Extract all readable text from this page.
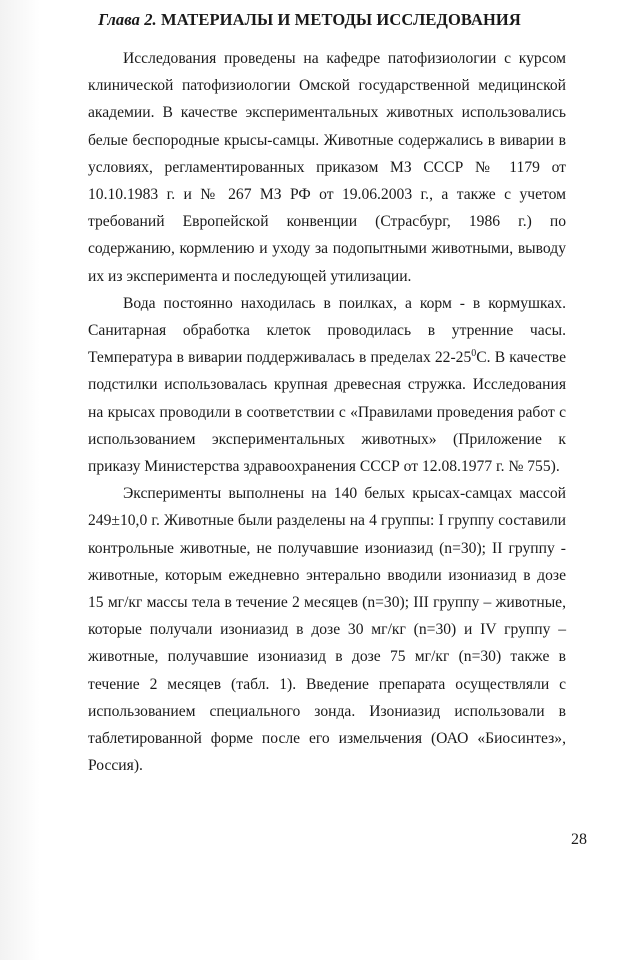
Глава 2. МАТЕРИАЛЫ И МЕТОДЫ ИССЛЕДОВАНИЯ

Исследования проведены на кафедре патофизиологии с курсом клинической патофизиологии Омской государственной медицинской академии. В качестве экспериментальных животных использовались белые беспородные крысы-самцы. Животные содержались в виварии в условиях, регламентированных приказом МЗ СССР № 1179 от 10.10.1983 г. и № 267 МЗ РФ от 19.06.2003 г., а также с учетом требований Европейской конвенции (Страсбург, 1986 г.) по содержанию, кормлению и уходу за подопытными животными, выводу их из эксперимента и последующей утилизации.

Вода постоянно находилась в поилках, а корм - в кормушках. Санитарная обработка клеток проводилась в утренние часы. Температура в виварии поддерживалась в пределах $22-25^0С$. В качестве подстилки использовалась крупная древесная стружка. Исследования на крысах проводили в соответствии с «Правилами проведения работ с использованием экспериментальных животных» (Приложение к приказу Министерства здравоохранения СССР от 12.08.1977 г. № 755).

Эксперименты выполнены на 140 белых крысах-самцах массой 249±10,0 г. Животные были разделены на 4 группы: I группу составили контрольные животные, не получавшие изониазид (n=30); II группу - животные, которым ежедневно энтерально вводили изониазид в дозе 15 мг/кг массы тела в течение 2 месяцев (n=30); III группу – животные, которые получали изониазид в дозе 30 мг/кг (n=30) и IV группу – животные, получавшие изониазид в дозе 75 мг/кг (n=30) также в течение 2 месяцев (табл. 1). Введение препарата осуществляли с использованием специального зонда. Изониазид использовали в таблетированной форме после его измельчения (ОАО «Биосинтез», Россия).

28
